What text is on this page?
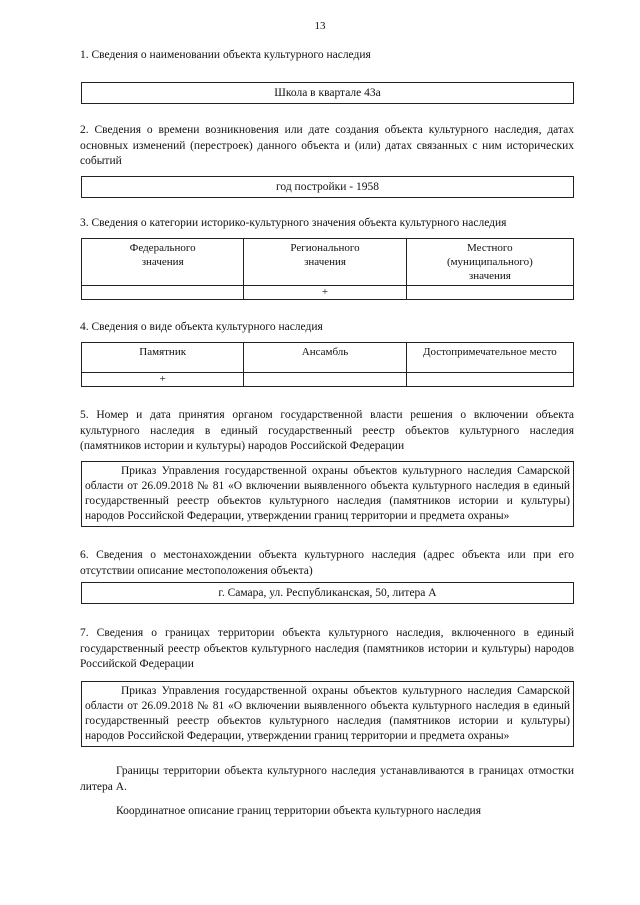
13
1. Сведения о наименовании объекта культурного наследия
Школа в квартале 43а
2. Сведения о времени возникновения или дате создания объекта культурного наследия, датах основных изменений (перестроек) данного объекта и (или) датах связанных с ним исторических событий
год постройки - 1958
3. Сведения о категории историко-культурного значения объекта культурного наследия
Федерального значения	Регионального значения	Местного (муниципального) значения

	+	
4. Сведения о виде объекта культурного наследия
Памятник	Ансамбль	Достопримечательное место

+		
5. Номер и дата принятия органом государственной власти решения о включении объекта культурного наследия в единый государственный реестр объектов культурного наследия (памятников истории и культуры) народов Российской Федерации
Приказ Управления государственной охраны объектов культурного наследия Самарской области от 26.09.2018 № 81 «О включении выявленного объекта культурного наследия в единый государственный реестр объектов культурного наследия (памятников истории и культуры) народов Российской Федерации, утверждении границ территории и предмета охраны»
6. Сведения о местонахождении объекта культурного наследия (адрес объекта или при его отсутствии описание местоположения объекта)
г. Самара, ул. Республиканская, 50, литера А
7. Сведения о границах территории объекта культурного наследия, включенного в единый государственный реестр объектов культурного наследия (памятников истории и культуры) народов Российской Федерации
Приказ Управления государственной охраны объектов культурного наследия Самарской области от 26.09.2018 № 81 «О включении выявленного объекта культурного наследия в единый государственный реестр объектов культурного наследия (памятников истории и культуры) народов Российской Федерации, утверждении границ территории и предмета охраны»
Границы территории объекта культурного наследия устанавливаются в границах отмостки литера А.
Координатное описание границ территории объекта культурного наследия
